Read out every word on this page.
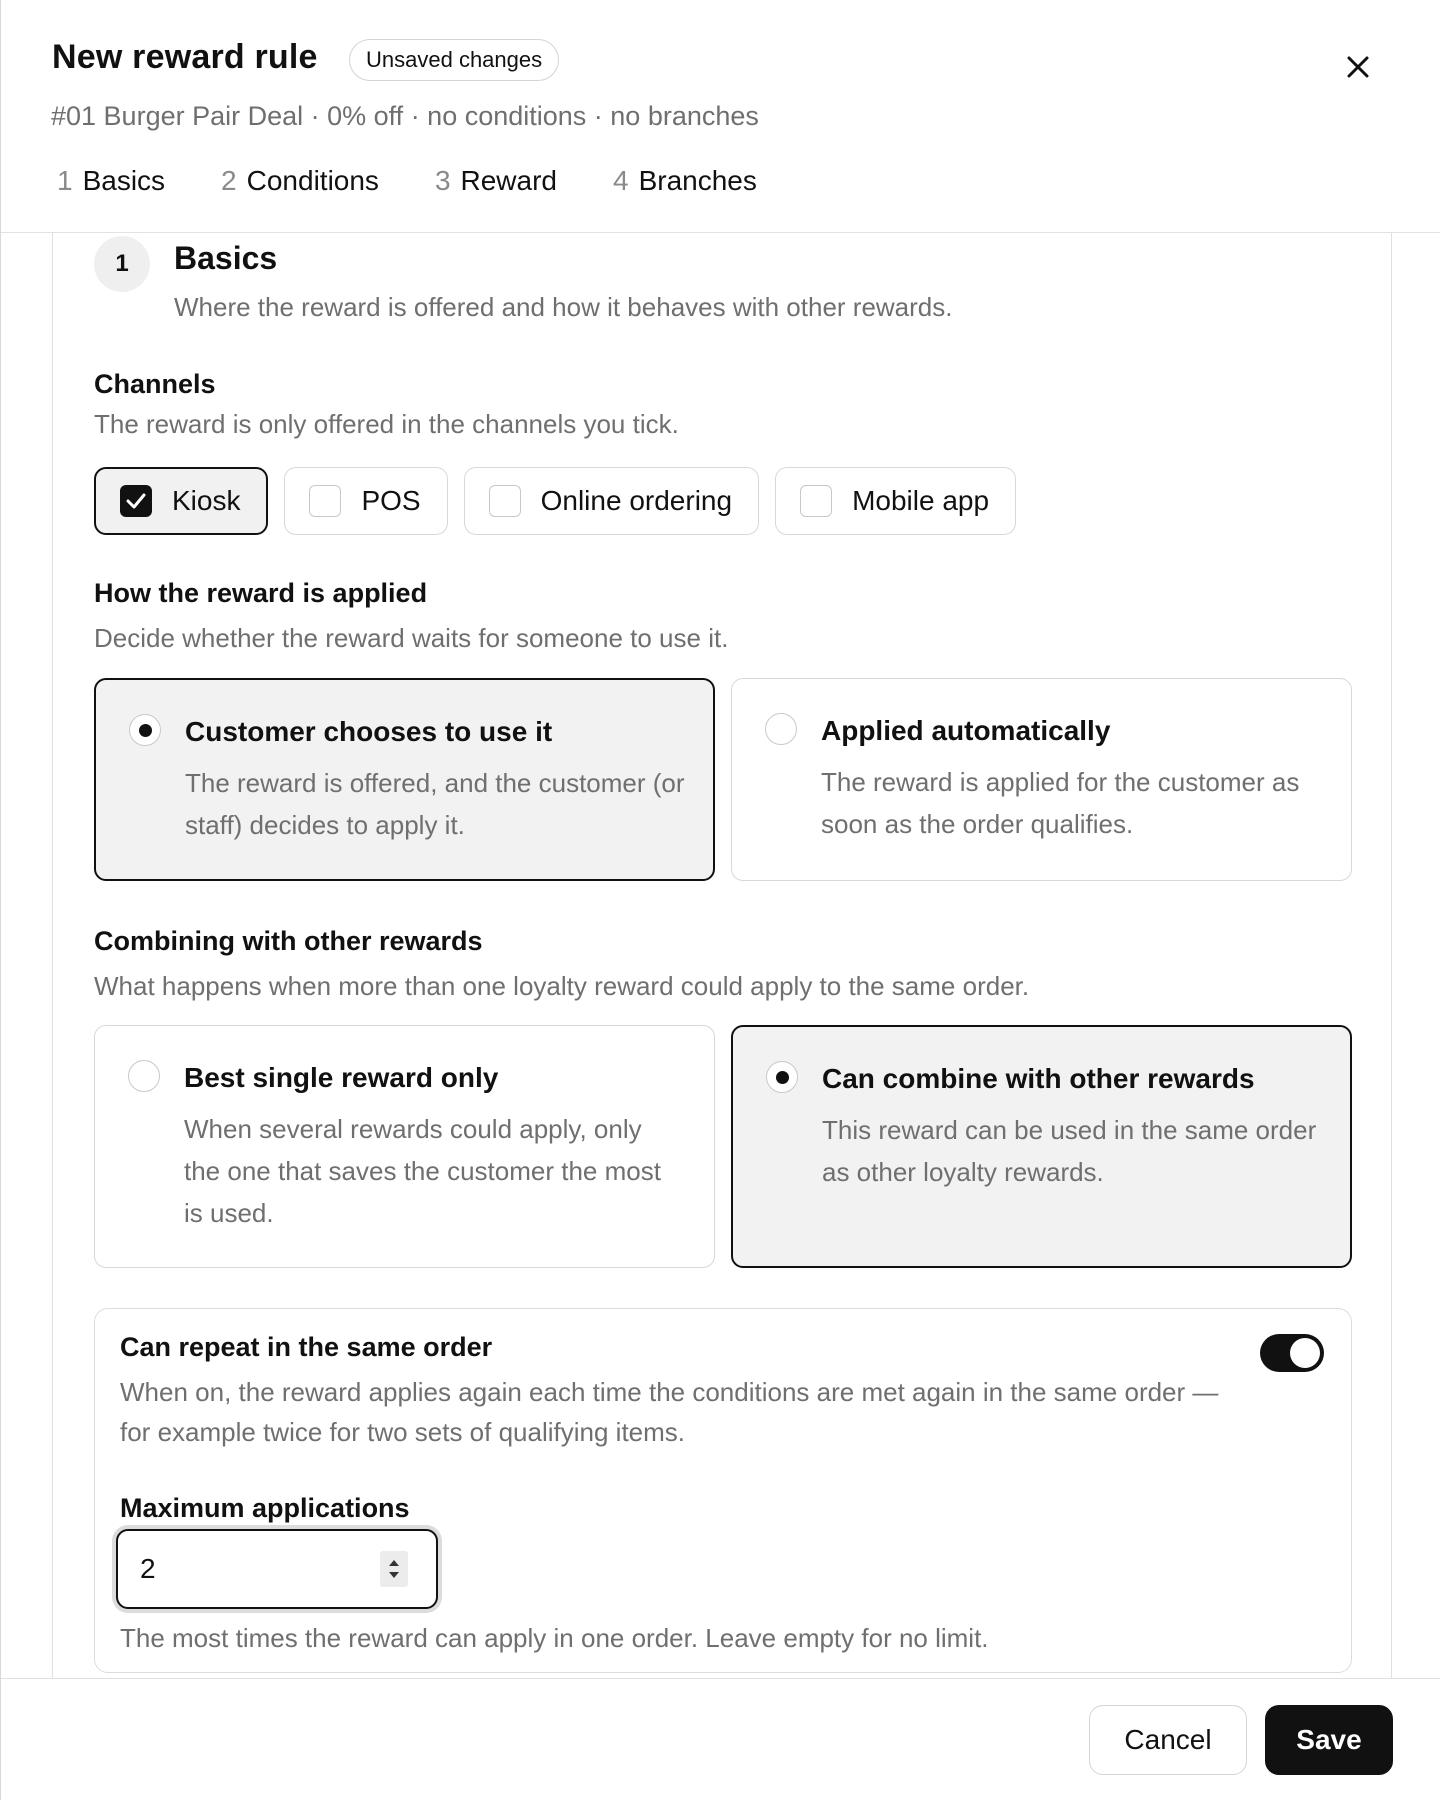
New reward rule	Unsaved changes
#01 Burger Pair Deal · 0% off · no conditions · no branches
1 Basics 2 Conditions 3 Reward 4 Branches
1	Basics
Where the reward is offered and how it behaves with other rewards.
Channels
The reward is only offered in the channels you tick.
Kiosk	POS	Online ordering	Mobile app
How the reward is applied
Decide whether the reward waits for someone to use it.
Customer chooses to use it
The reward is offered, and the customer (or staff) decides to apply it.
Applied automatically
The reward is applied for the customer as soon as the order qualifies.
Combining with other rewards
What happens when more than one loyalty reward could apply to the same order.
Best single reward only
When several rewards could apply, only the one that saves the customer the most is used.
Can combine with other rewards
This reward can be used in the same order as other loyalty rewards.
Can repeat in the same order
When on, the reward applies again each time the conditions are met again in the same order — for example twice for two sets of qualifying items.
Maximum applications
2
The most times the reward can apply in one order. Leave empty for no limit.
Cancel	Save
